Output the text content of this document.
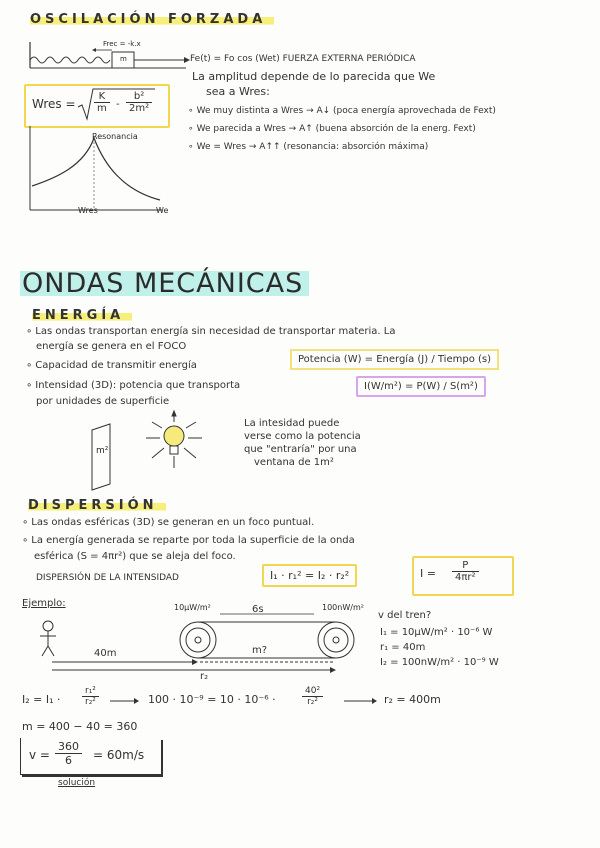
OSCILACIÓN FORZADA
Frec = -k.x
m	Fe(t) = Fo cos (Wet) FUERZA EXTERNA PERIÓDICA
Wres = $\frac{K}{m} - \frac{\text{b²}}{\text{2m²}}$
La amplitud depende de lo parecida que We
sea a Wres:
∘ We muy distinta a Wres → A↓ (poca energía aprovechada de Fext)
∘ We parecida a Wres → A↑ (buena absorción de la energ. Fext)
∘ We = Wres → A↑↑ (resonancia: absorción máxima)
Resonancia
Wres	We
ONDAS MECÁNICAS
ENERGÍA
∘ Las ondas transportan energía sin necesidad de transportar materia. La
energía se genera en el FOCO
∘ Capacidad de transmitir energía
Potencia (W) = Energía (J) / Tiempo (s)
∘ Intensidad (3D): potencia que transporta
por unidades de superficie
I(W/m²) = P(W) / S(m²)
m²
La intesidad puede
verse como la potencia
que "entraría" por una
ventana de 1m²
DISPERSIÓN
∘ Las ondas esféricas (3D) se generan en un foco puntual.
∘ La energía generada se reparte por toda la superficie de la onda
esférica (S = 4πr²) que se aleja del foco.
DISPERSIÓN DE LA INTENSIDAD	I₁ · r₁² = I₂ · r₂²	$I = \frac{P}{\text{4πr²}}$
Ejemplo:	10μW/m²	6s	100nW/m²
40m	m?
r₂
v del tren?
I₁ = 10μW/m² · 10⁻⁶ W
r₁ = 40m
I₂ = 100nW/m² · 10⁻⁹ W
$I_2 = I_1 \cdot \frac{\text{r₁²}}{\text{r₂²}}$	100 · 10⁻⁹ = 10 · 10⁻⁶ ·	$\frac{\text{40²}}{\text{r₂²}}$	r₂ = 400m
m = 400 − 40 = 360
$v = \frac{360}{6} = 60m/s$
solución
